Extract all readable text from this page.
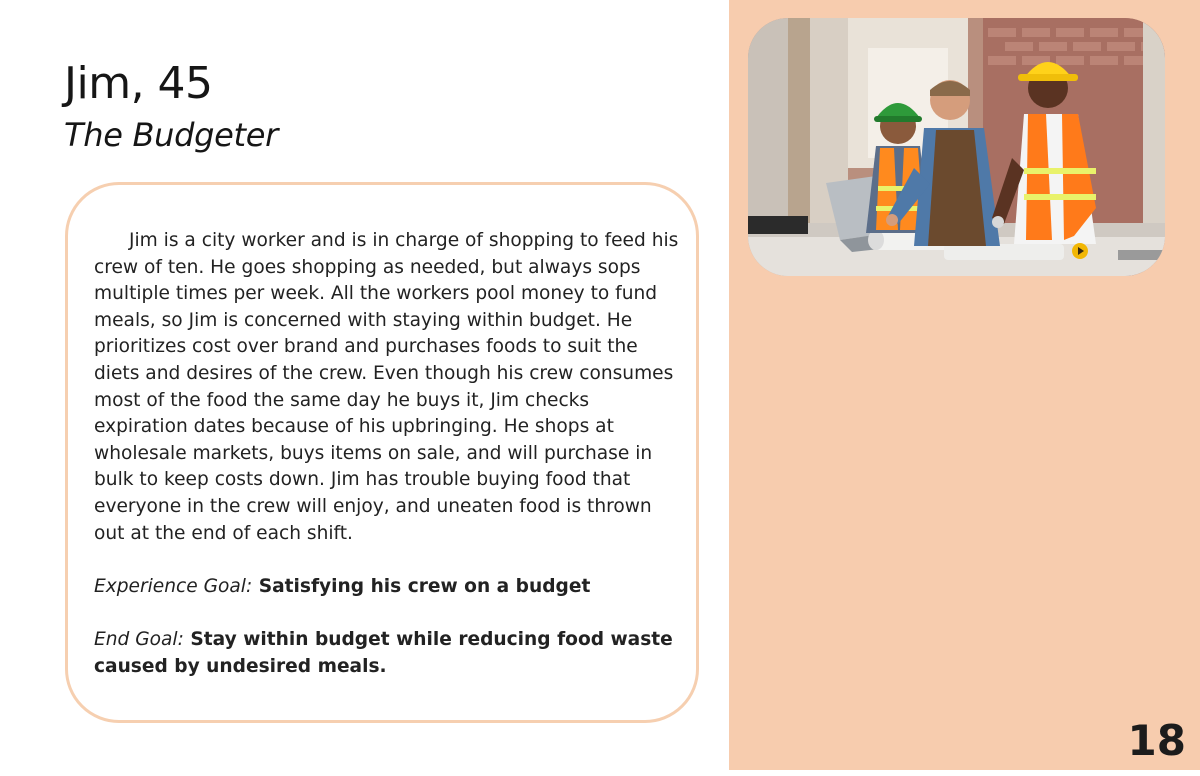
Jim, 45
The Budgeter

Jim is a city worker and is in charge of shopping to feed his crew of ten. He goes shopping as needed, but always sops multiple times per week. All the workers pool money to fund meals, so Jim is concerned with staying within budget. He prioritizes cost over brand and purchases foods to suit the diets and desires of the crew. Even though his crew consumes most of the food the same day he buys it, Jim checks expiration dates because of his upbringing. He shops at wholesale markets, buys items on sale, and will purchase in bulk to keep costs down. Jim has trouble buying food that everyone in the crew will enjoy, and uneaten food is thrown out at the end of each shift.

Experience Goal: Satisfying his crew on a budget

End Goal: Stay within budget while reducing food waste caused by undesired meals.

18
